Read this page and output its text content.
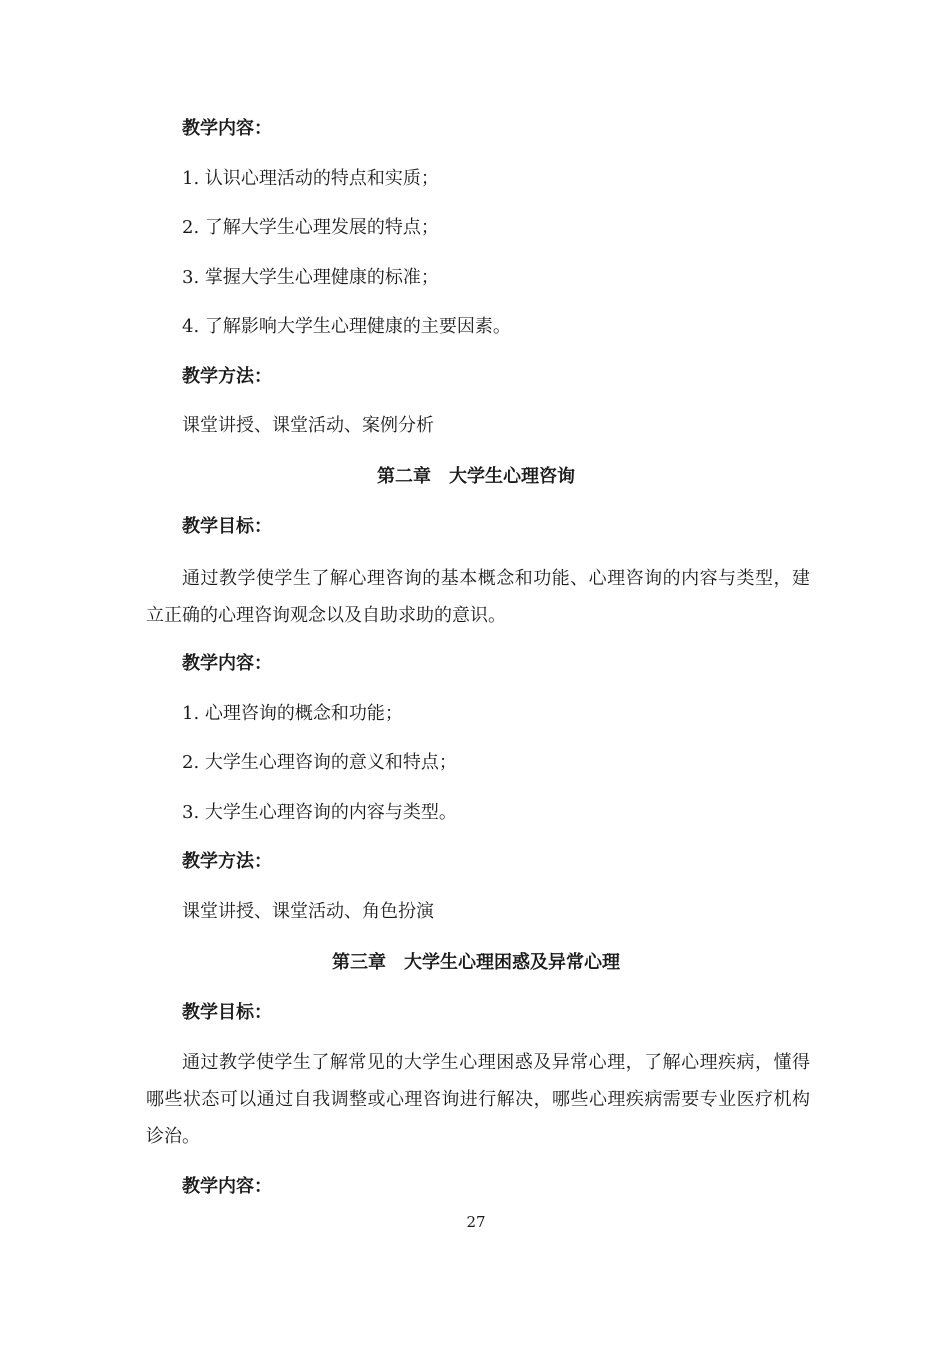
教学内容：
1. 认识心理活动的特点和实质；
2. 了解大学生心理发展的特点；
3. 掌握大学生心理健康的标准；
4. 了解影响大学生心理健康的主要因素。
教学方法：
课堂讲授、课堂活动、案例分析
第二章　大学生心理咨询
教学目标：
通过教学使学生了解心理咨询的基本概念和功能、心理咨询的内容与类型，建立正确的心理咨询观念以及自助求助的意识。
教学内容：
1. 心理咨询的概念和功能；
2. 大学生心理咨询的意义和特点；
3. 大学生心理咨询的内容与类型。
教学方法：
课堂讲授、课堂活动、角色扮演
第三章　大学生心理困惑及异常心理
教学目标：
通过教学使学生了解常见的大学生心理困惑及异常心理，了解心理疾病，懂得哪些状态可以通过自我调整或心理咨询进行解决，哪些心理疾病需要专业医疗机构诊治。
教学内容：
27
